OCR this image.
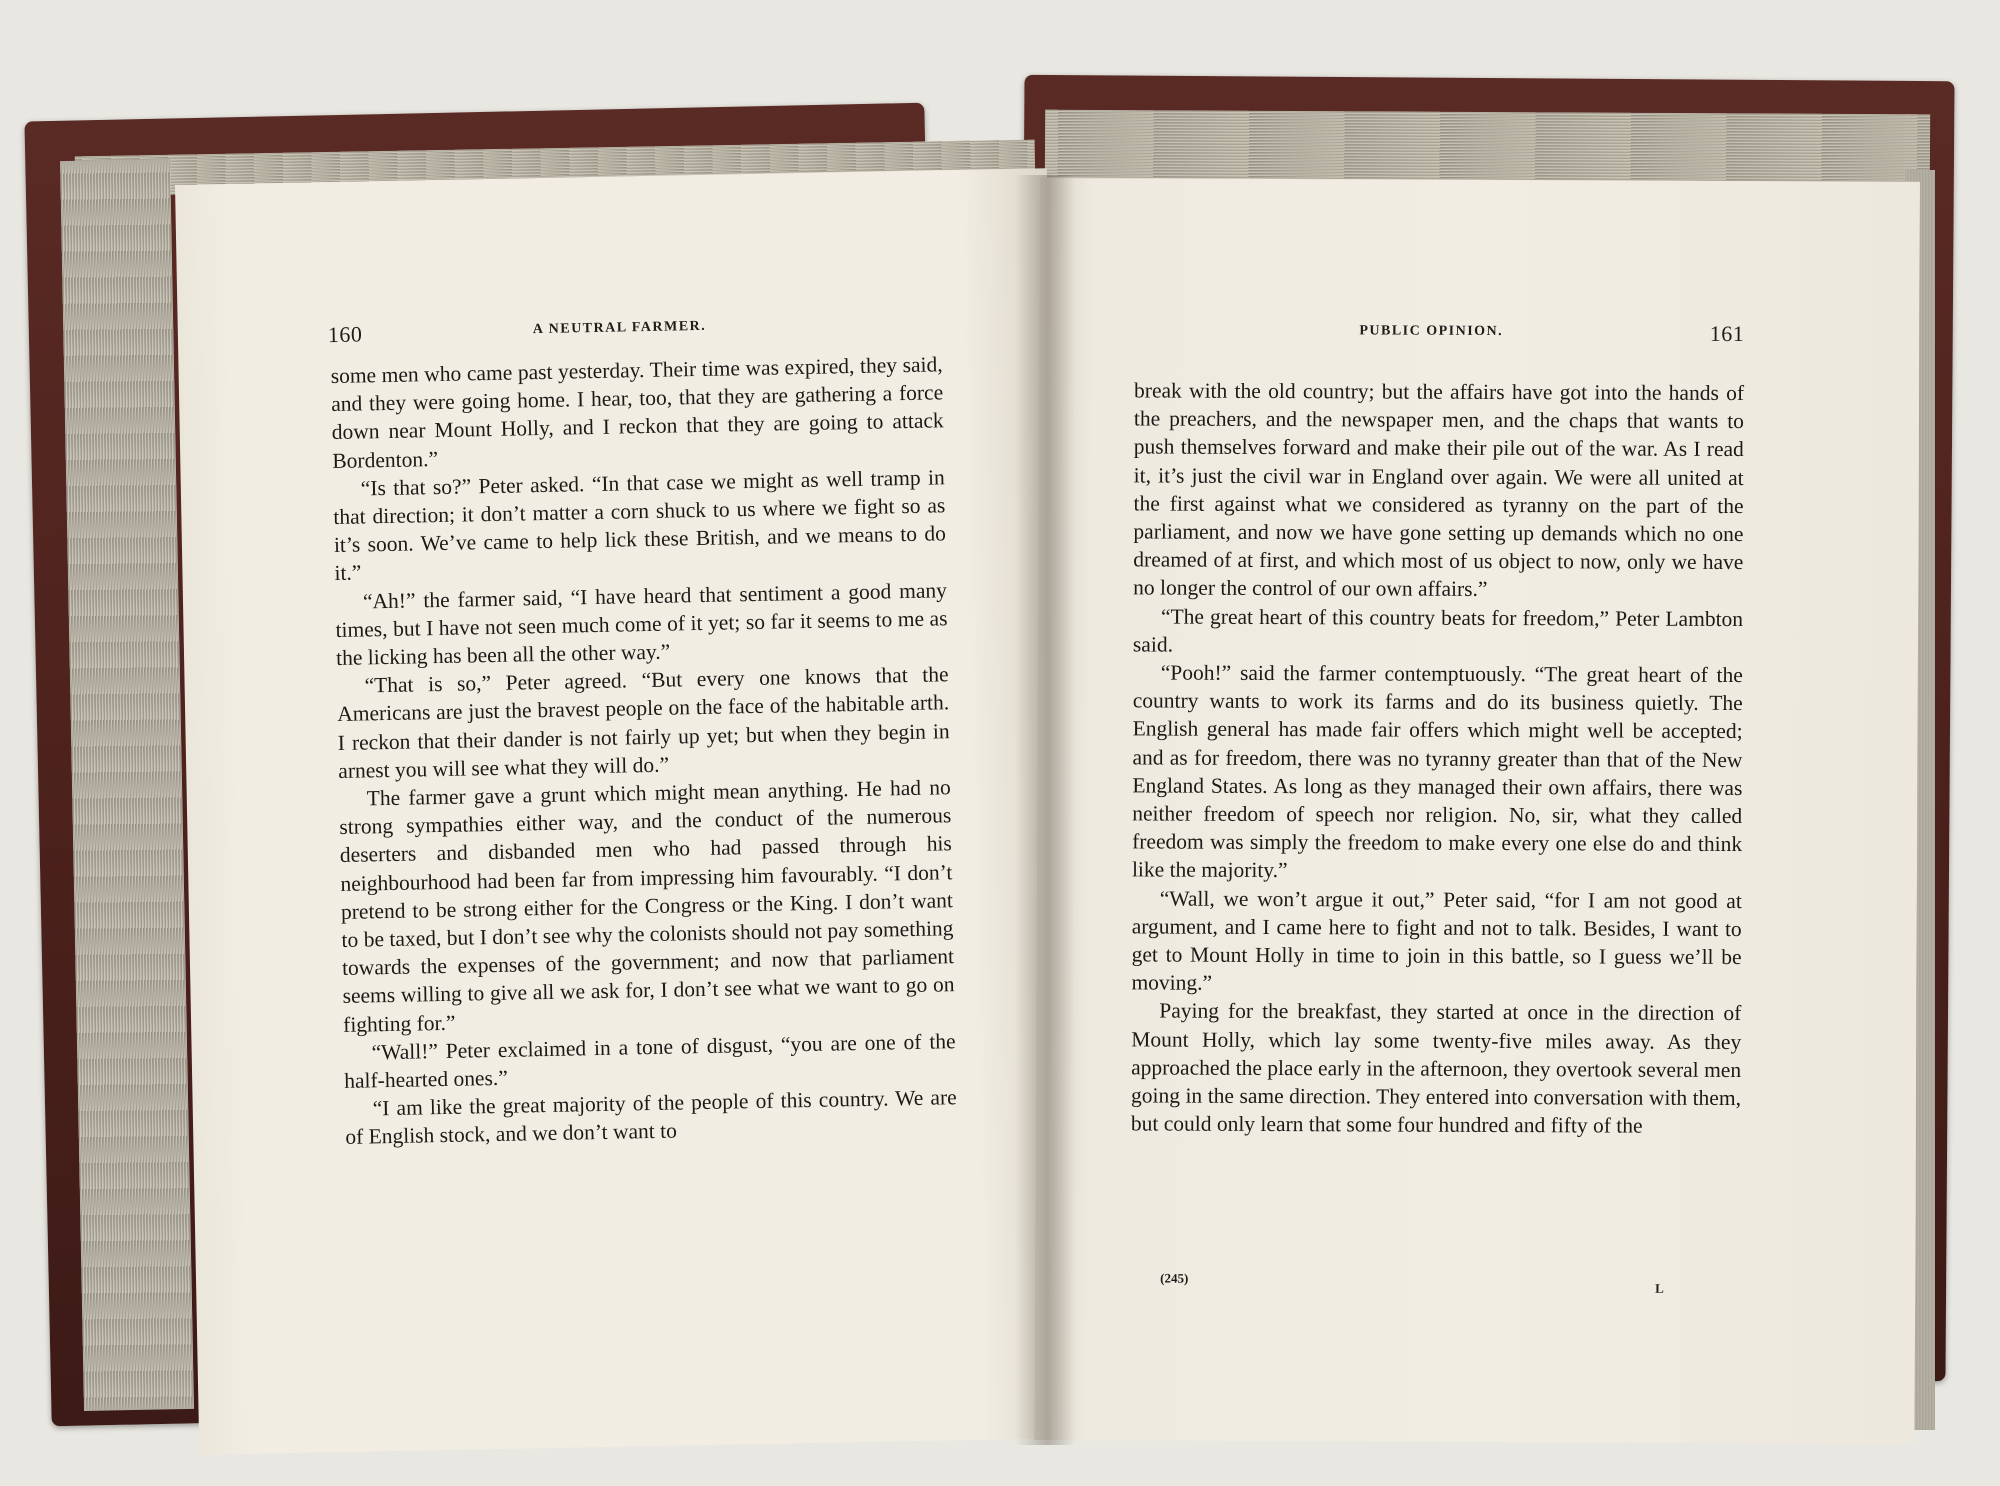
160	A NEUTRAL FARMER.

some men who came past yesterday. Their time was expired, they said, and they were going home. I hear, too, that they are gathering a force down near Mount Holly, and I reckon that they are going to attack Bordenton.”

“Is that so?” Peter asked. “In that case we might as well tramp in that direction; it don’t matter a corn shuck to us where we fight so as it’s soon. We’ve came to help lick these British, and we means to do it.”

“Ah!” the farmer said, “I have heard that sentiment a good many times, but I have not seen much come of it yet; so far it seems to me as the licking has been all the other way.”

“That is so,” Peter agreed. “But every one knows that the Americans are just the bravest people on the face of the habitable arth. I reckon that their dander is not fairly up yet; but when they begin in arnest you will see what they will do.”

The farmer gave a grunt which might mean anything. He had no strong sympathies either way, and the conduct of the numerous deserters and disbanded men who had passed through his neighbourhood had been far from impressing him favourably. “I don’t pretend to be strong either for the Congress or the King. I don’t want to be taxed, but I don’t see why the colonists should not pay something towards the expenses of the government; and now that parliament seems willing to give all we ask for, I don’t see what we want to go on fighting for.”

“Wall!” Peter exclaimed in a tone of disgust, “you are one of the half-hearted ones.”

“I am like the great majority of the people of this country. We are of English stock, and we don’t want to

PUBLIC OPINION.	161

break with the old country; but the affairs have got into the hands of the preachers, and the newspaper men, and the chaps that wants to push themselves forward and make their pile out of the war. As I read it, it’s just the civil war in England over again. We were all united at the first against what we considered as tyranny on the part of the parliament, and now we have gone setting up demands which no one dreamed of at first, and which most of us object to now, only we have no longer the control of our own affairs.”

“The great heart of this country beats for freedom,” Peter Lambton said.

“Pooh!” said the farmer contemptuously. “The great heart of the country wants to work its farms and do its business quietly. The English general has made fair offers which might well be accepted; and as for freedom, there was no tyranny greater than that of the New England States. As long as they managed their own affairs, there was neither freedom of speech nor religion. No, sir, what they called freedom was simply the freedom to make every one else do and think like the majority.”

“Wall, we won’t argue it out,” Peter said, “for I am not good at argument, and I came here to fight and not to talk. Besides, I want to get to Mount Holly in time to join in this battle, so I guess we’ll be moving.”

Paying for the breakfast, they started at once in the direction of Mount Holly, which lay some twenty-five miles away. As they approached the place early in the afternoon, they overtook several men going in the same direction. They entered into conversation with them, but could only learn that some four hundred and fifty of the

(245)
L
